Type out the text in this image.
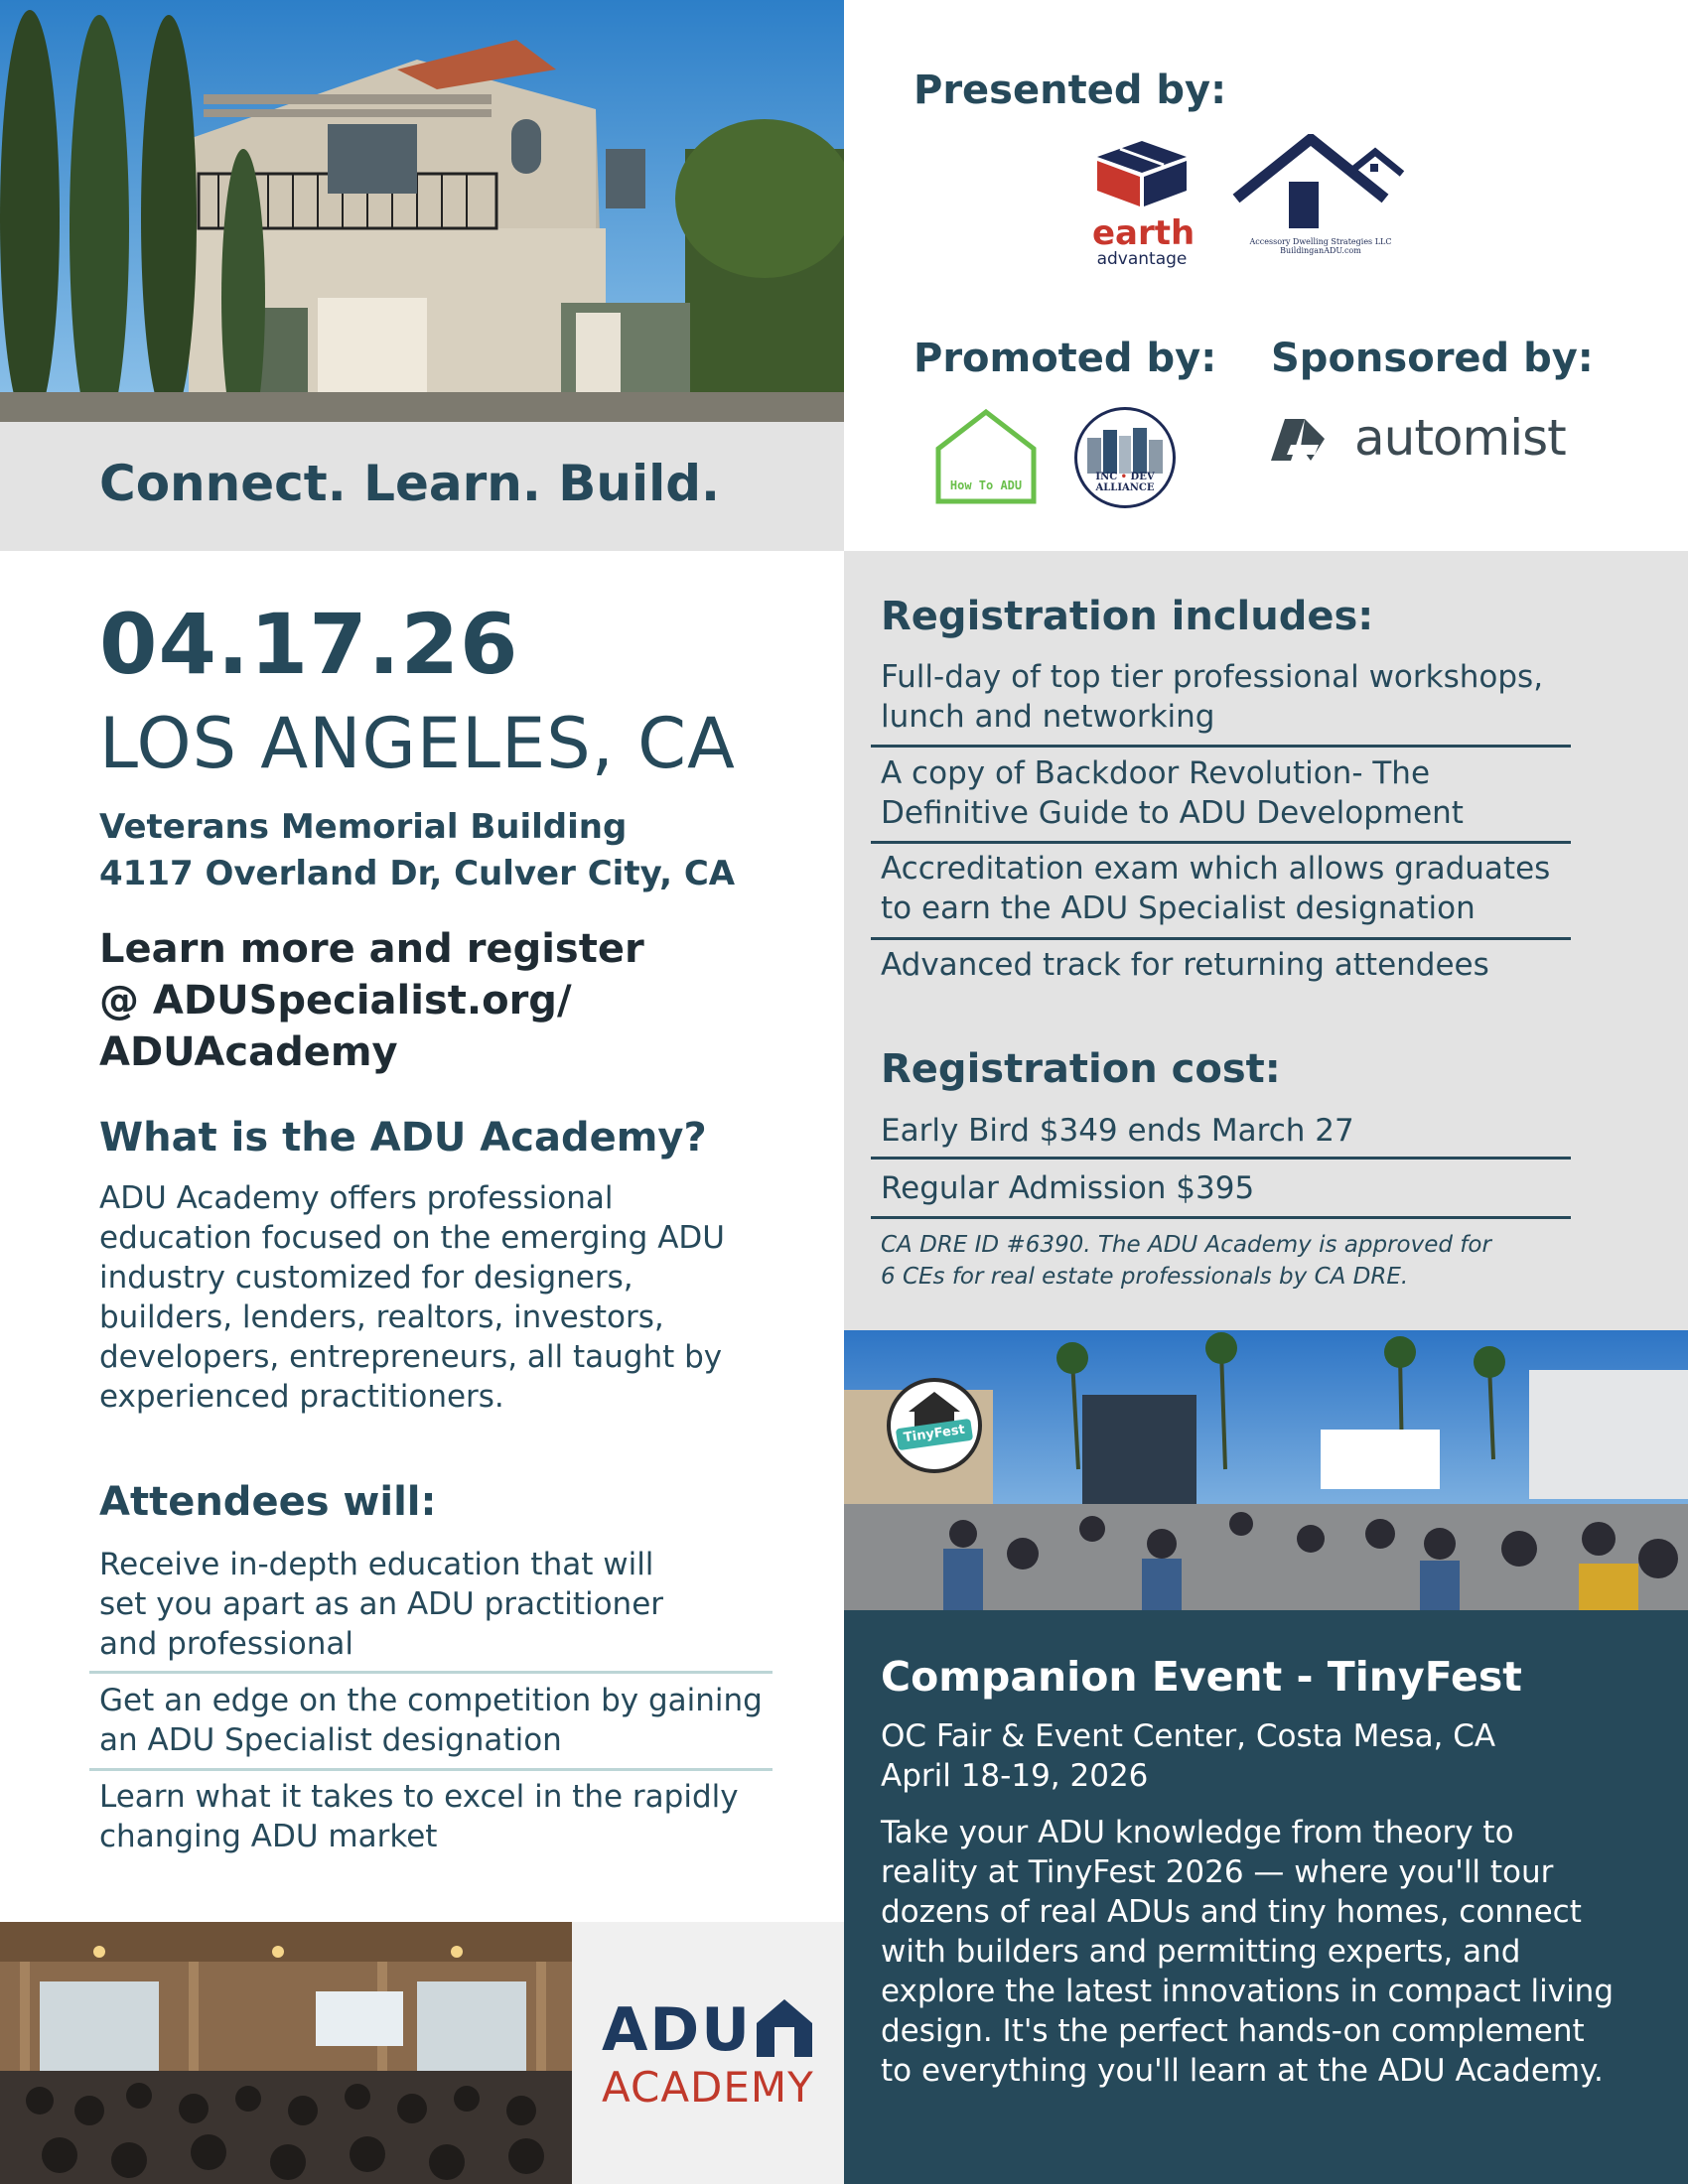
Connect. Learn. Build.
Presented by:
earth
advantage
Accessory Dwelling Strategies LLC
BuildinganADU.com
Promoted by: Sponsored by:
How To ADU
INC • DEV
ALLIANCE
automist
Registration includes:
Full-day of top tier professional workshops,
lunch and networking
A copy of Backdoor Revolution- The
Definitive Guide to ADU Development
Accreditation exam which allows graduates
to earn the ADU Specialist designation
Advanced track for returning attendees
Registration cost:
Early Bird $349 ends March 27
Regular Admission $395
CA DRE ID #6390. The ADU Academy is approved for
6 CEs for real estate professionals by CA DRE.
04.17.26
LOS ANGELES, CA
Veterans Memorial Building
4117 Overland Dr, Culver City, CA
Learn more and register
@ ADUSpecialist.org/
ADUAcademy
What is the ADU Academy?
ADU Academy offers professional
education focused on the emerging ADU
industry customized for designers,
builders, lenders, realtors, investors,
developers, entrepreneurs, all taught by
experienced practitioners.
Attendees will:
Receive in-depth education that will
set you apart as an ADU practitioner
and professional
Get an edge on the competition by gaining
an ADU Specialist designation
Learn what it takes to excel in the rapidly
changing ADU market
ADU
ACADEMY
TinyFest
Companion Event - TinyFest
OC Fair & Event Center, Costa Mesa, CA
April 18-19, 2026
Take your ADU knowledge from theory to
reality at TinyFest 2026 — where you'll tour
dozens of real ADUs and tiny homes, connect
with builders and permitting experts, and
explore the latest innovations in compact living
design. It's the perfect hands-on complement
to everything you'll learn at the ADU Academy.
